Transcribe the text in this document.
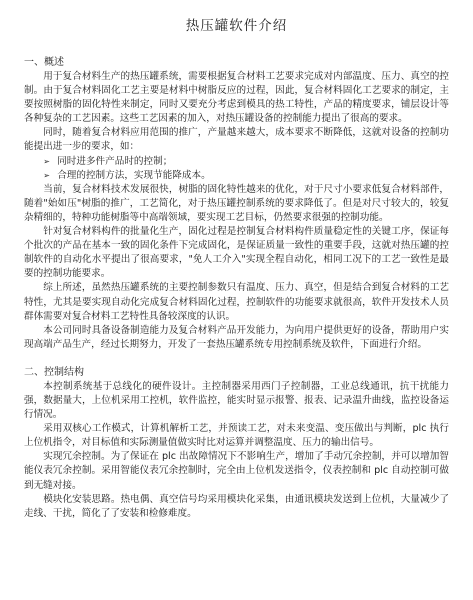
热压罐软件介绍
一、概述

用于复合材料生产的热压罐系统，需要根据复合材料工艺要求完成对内部温度、压力、真空的控制。由于复合材料固化工艺主要是材料中树脂反应的过程，因此，复合材料固化工艺要求的制定，主要按照树脂的固化特性来制定，同时又要充分考虑到模具的热工特性，产品的精度要求，铺层设计等各种复杂的工艺因素。这些工艺因素的加入，对热压罐设备的控制能力提出了很高的要求。

同时，随着复合材料应用范围的推广，产量越来越大，成本要求不断降低，这就对设备的控制功能提出进一步的要求，如：

➢ 同时进多件产品时的控制；
➢ 合理的控制方法，实现节能降成本。

当前，复合材料技术发展很快，树脂的固化特性越来的优化，对于尺寸小要求低复合材料部件，随着"始如压"树脂的推广，工艺简化，对于热压罐控制系统的要求降低了。但是对尺寸较大的，较复杂精细的，特种功能树脂等中高端领域，要实现工艺目标，仍然要求很强的控制功能。

针对复合材料构件的批量化生产，固化过程是控制复合材料构件质量稳定性的关键工序，保证每个批次的产品在基本一致的固化条件下完成固化，是保证质量一致性的重要手段，这就对热压罐的控制软件的自动化水平提出了很高要求，"免人工介入"实现全程自动化，相同工况下的工艺一致性是最要的控制功能要求。

综上所述，虽然热压罐系统的主要控制参数只有温度、压力、真空，但是结合到复合材料的工艺特性，尤其是要实现自动化完成复合材料固化过程，控制软件的功能要求就很高，软件开发技术人员群体需要对复合材料工艺特性具备较深度的认识。

本公司同时具备设备制造能力及复合材料产品开发能力，为向用户提供更好的设备，帮助用户实现高端产品生产，经过长期努力，开发了一套热压罐系统专用控制系统及软件，下面进行介绍。

二、控制结构

本控制系统基于总线化的硬件设计。主控制器采用西门子控制器，工业总线通讯，抗干扰能力强，数据量大，上位机采用工控机，软件监控，能实时显示报警、报表、记录温升曲线，监控设备运行情况。

采用双核心工作模式，计算机解析工艺，并预读工艺，对未来变温、变压做出与判断，plc 执行上位机指令，对目标值和实际测量值做实时比对运算并调整温度、压力的输出信号。

实现冗余控制。为了保证在 plc 出故障情况下不影响生产，增加了手动冗余控制，并可以增加智能仪表冗余控制。采用智能仪表冗余控制时，完全由上位机发送指令，仪表控制和 plc 自动控制可做到无缝对接。

模块化安装思路。热电偶、真空信号均采用模块化采集，由通讯模块发送到上位机，大量减少了走线、干扰，简化了了安装和检修难度。
